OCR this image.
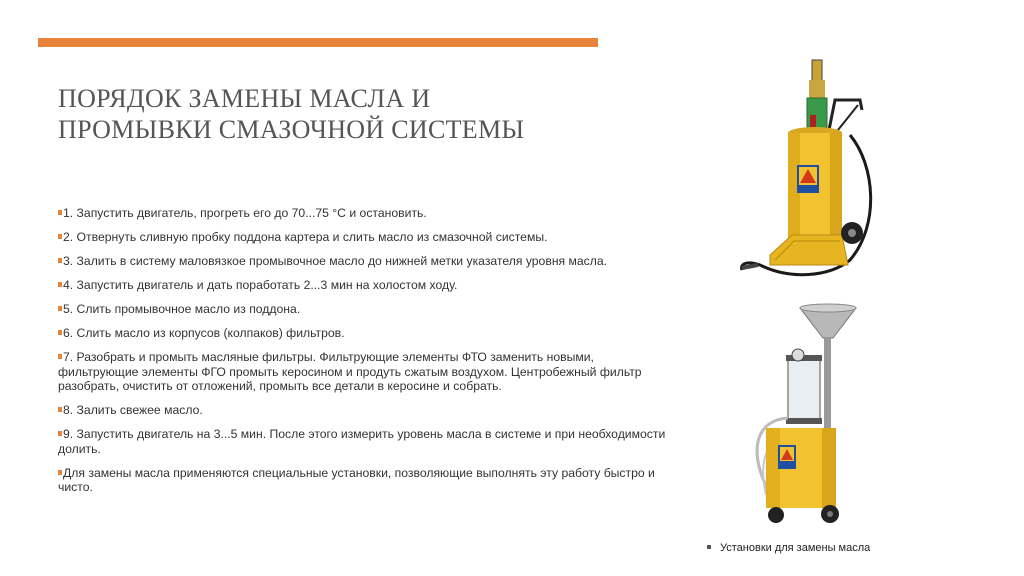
ПОРЯДОК ЗАМЕНЫ МАСЛА И
ПРОМЫВКИ СМАЗОЧНОЙ СИСТЕМЫ
1. Запустить двигатель, прогреть его до 70...75 °С и остановить.
2. Отвернуть сливную пробку поддона картера и слить масло из смазочной системы.
3. Залить в систему маловязкое промывочное масло до нижней метки указателя уровня масла.
4. Запустить двигатель и дать поработать 2...3 мин на холостом ходу.
5. Слить промывочное масло из поддона.
6. Слить масло из корпусов (колпаков) фильтров.
7. Разобрать и промыть масляные фильтры. Фильтрующие элементы ФТО заменить новыми, фильтрующие элементы ФГО промыть керосином и продуть сжатым воздухом. Центробежный фильтр разобрать, очистить от отложений, промыть все детали в керосине и собрать.
8. Залить свежее масло.
9. Запустить двигатель на 3...5 мин. После этого измерить уровень масла в системе и при необходимости долить.
Для замены масла применяются специальные установки, позволяющие выполнять эту работу быстро и чисто.
Установки для замены масла
